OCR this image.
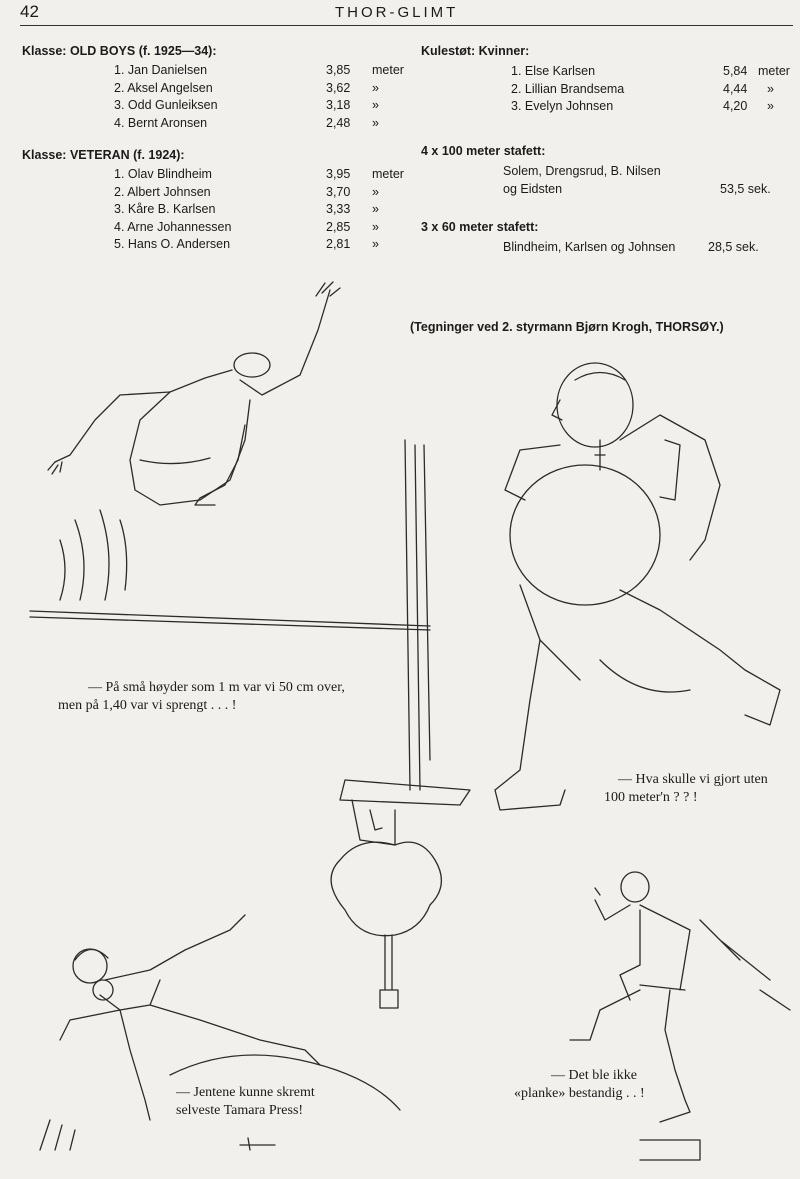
42	THOR-GLIMT
Klasse: OLD BOYS (f. 1925—34):
1. Jan Danielsen	3,85 meter
2. Aksel Angelsen	3,62 »
3. Odd Gunleiksen	3,18 »
4. Bernt Aronsen	2,48 »
Klasse: VETERAN (f. 1924):
1. Olav Blindheim	3,95 meter
2. Albert Johnsen	3,70 »
3. Kåre B. Karlsen	3,33 »
4. Arne Johannessen	2,85 »
5. Hans O. Andersen	2,81 »
Kulestøt: Kvinner:
1. Else Karlsen	5,84 meter
2. Lillian Brandsema	4,44 »
3. Evelyn Johnsen	4,20 »
4 x 100 meter stafett:
Solem, Drengsrud, B. Nilsen
og Eidsten	53,5 sek.
3 x 60 meter stafett:
Blindheim, Karlsen og Johnsen	28,5 sek.
(Tegninger ved 2. styrmann Bjørn Krogh, THORSØY.)
— På små høyder som 1 m var vi 50 cm over,
men på 1,40 var vi sprengt . . . !
— Hva skulle vi gjort uten
100 meter'n ? ? !
— Jentene kunne skremt
selveste Tamara Press!
— Det ble ikke
«planke» bestandig . . !
